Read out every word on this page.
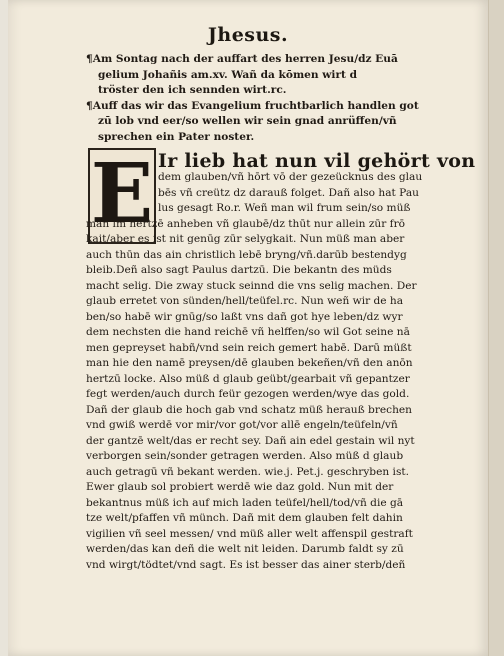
Jhesus.
¶Am Sontag nach der auffart des herren Jesu/dz Euā
gelium Johañis am.xv. Wañ da kōmen wirt d
tröster den ich sennden wirt.rc.
¶Auff das wir das Evangelium fruchtbarlich handlen got
zū lob vnd eer/so wellen wir sein gnad anrüffen/vñ
sprechen ein Pater noster.
E Ir lieb hat nun vil gehört von
dem glauben/vñ hōrt vō der gezeücknus des glau
bēs vñ creütz dz darauß folget. Dañ also hat Pau
lus gesagt Ro.r. Weñ man wil frum sein/so müß
man im hertzē anheben vñ glaubē/dz thūt nur allein zūr frō
kait/aber es ist nit genūg zūr selygkait. Nun müß man aber
auch thūn das ain christlich lebē bryng/vñ.darūb bestendyg
bleib.Deñ also sagt Paulus dartzū. Die bekantn des müds
macht selig. Die zway stuck seinnd die vns selig machen. Der
glaub erretet von sünden/hell/teüfel.rc. Nun weñ wir de ha
ben/so habē wir gnūg/so laßt vns dañ got hye leben/dz wyr
dem nechsten die hand reichē vñ helffen/so wil Got seine nā
men gepreyset habñ/vnd sein reich gemert habē. Darū müßt
man hie den namē preysen/dē glauben bekeñen/vñ den anōn
hertzū locke. Also müß d glaub geübt/gearbait vñ gepantzer
fegt werden/auch durch feür gezogen werden/wye das gold.
Dañ der glaub die hoch gab vnd schatz müß herauß brechen
vnd gwiß werdē vor mir/vor got/vor allē engeln/teüfeln/vñ
der gantzē welt/das er recht sey. Dañ ain edel gestain wil nyt
verborgen sein/sonder getragen werden. Also müß d glaub
auch getragū vñ bekant werden. wie.j. Pet.j. geschryben ist.
Ewer glaub sol probiert werdē wie daz gold. Nun mit der
bekantnus müß ich auf mich laden teüfel/hell/tod/vñ die gā
tze welt/pfaffen vñ münch. Dañ mit dem glauben felt dahin
vigilien vñ seel messen/ vnd müß aller welt affenspil gestraft
werden/das kan deñ die welt nit leiden. Darumb faldt sy zū
vnd wirgt/tödtet/vnd sagt. Es ist besser das ainer sterb/deñ
